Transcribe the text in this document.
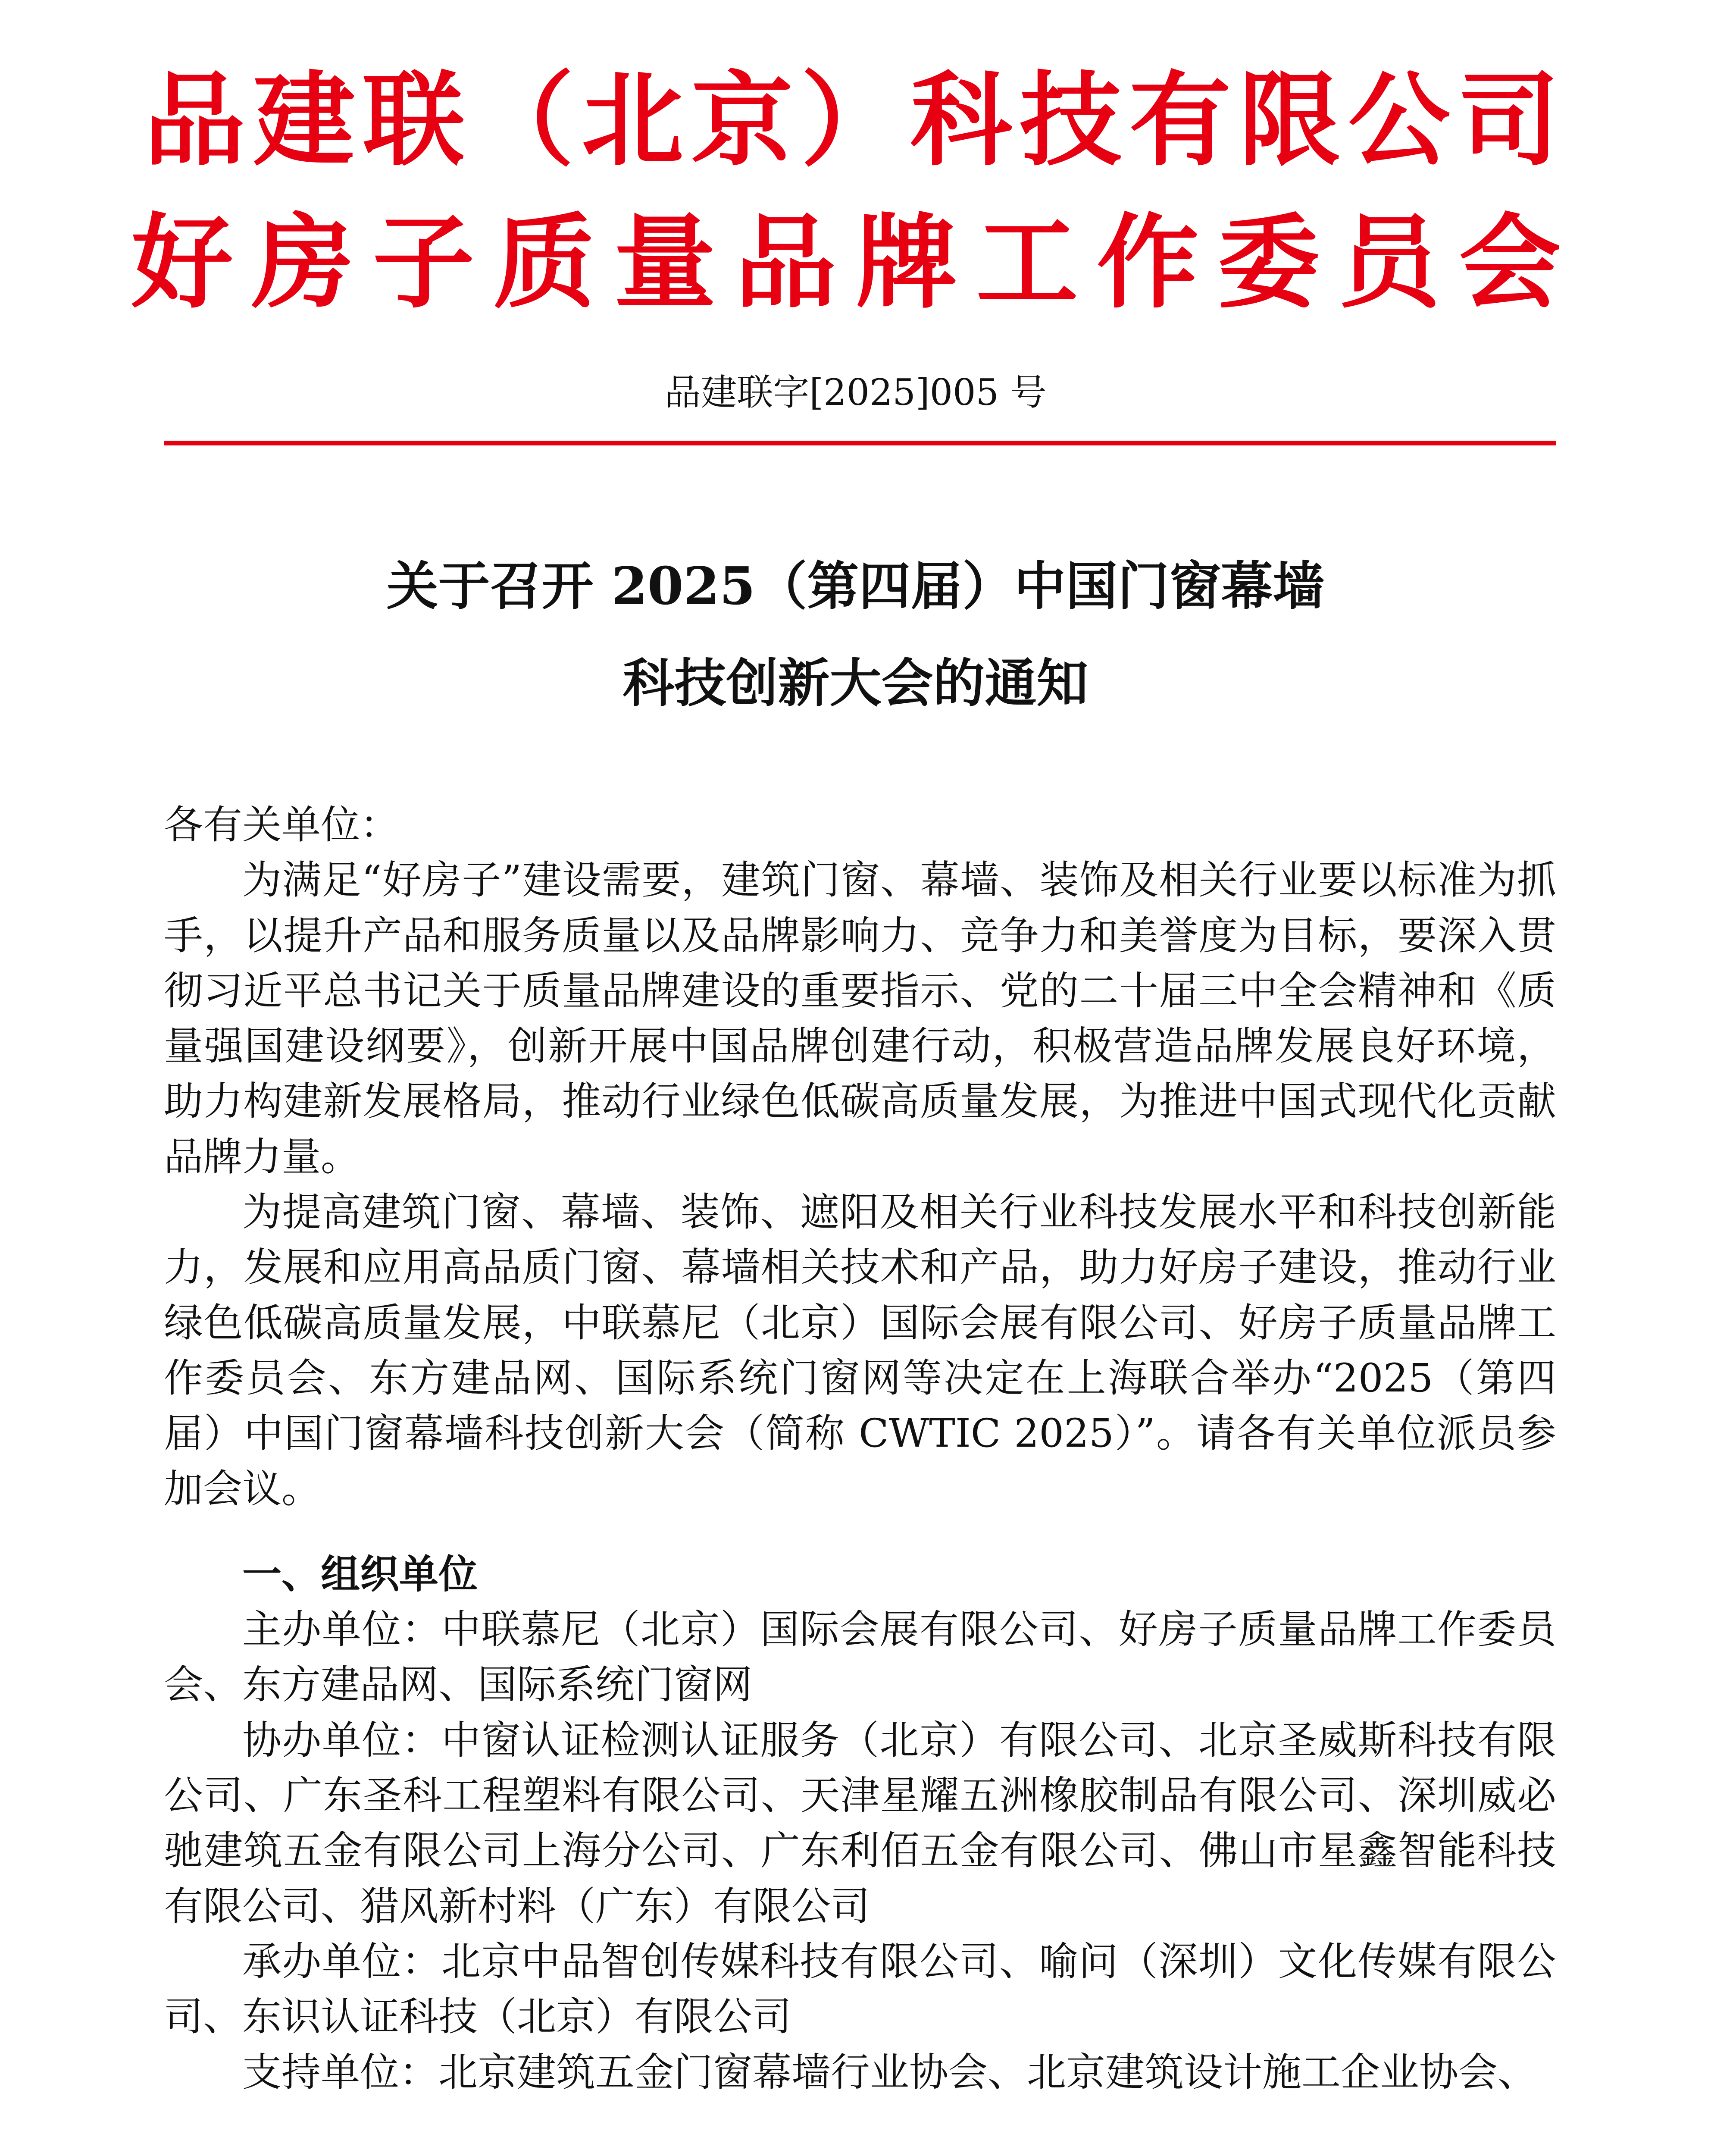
品建联（北京）科技有限公司
好房子质量品牌工作委员会
品建联字[2025]005 号
关于召开 2025（第四届）中国门窗幕墙
科技创新大会的通知

各有关单位：

为满足“好房子”建设需要，建筑门窗、幕墙、装饰及相关行业要以标准为抓手，以提升产品和服务质量以及品牌影响力、竞争力和美誉度为目标，要深入贯彻习近平总书记关于质量品牌建设的重要指示、党的二十届三中全会精神和《质量强国建设纲要》，创新开展中国品牌创建行动，积极营造品牌发展良好环境，助力构建新发展格局，推动行业绿色低碳高质量发展，为推进中国式现代化贡献品牌力量。

为提高建筑门窗、幕墙、装饰、遮阳及相关行业科技发展水平和科技创新能力，发展和应用高品质门窗、幕墙相关技术和产品，助力好房子建设，推动行业绿色低碳高质量发展，中联慕尼（北京）国际会展有限公司、好房子质量品牌工作委员会、东方建品网、国际系统门窗网等决定在上海联合举办“2025（第四届）中国门窗幕墙科技创新大会（简称 CWTIC 2025）”。请各有关单位派员参加会议。

一、组织单位

主办单位：中联慕尼（北京）国际会展有限公司、好房子质量品牌工作委员会、东方建品网、国际系统门窗网

协办单位：中窗认证检测认证服务（北京）有限公司、北京圣威斯科技有限公司、广东圣科工程塑料有限公司、天津星耀五洲橡胶制品有限公司、深圳威必驰建筑五金有限公司上海分公司、广东利佰五金有限公司、佛山市星鑫智能科技有限公司、猎风新村料（广东）有限公司

承办单位：北京中品智创传媒科技有限公司、喻问（深圳）文化传媒有限公司、东识认证科技（北京）有限公司

支持单位：北京建筑五金门窗幕墙行业协会、北京建筑设计施工企业协会、
